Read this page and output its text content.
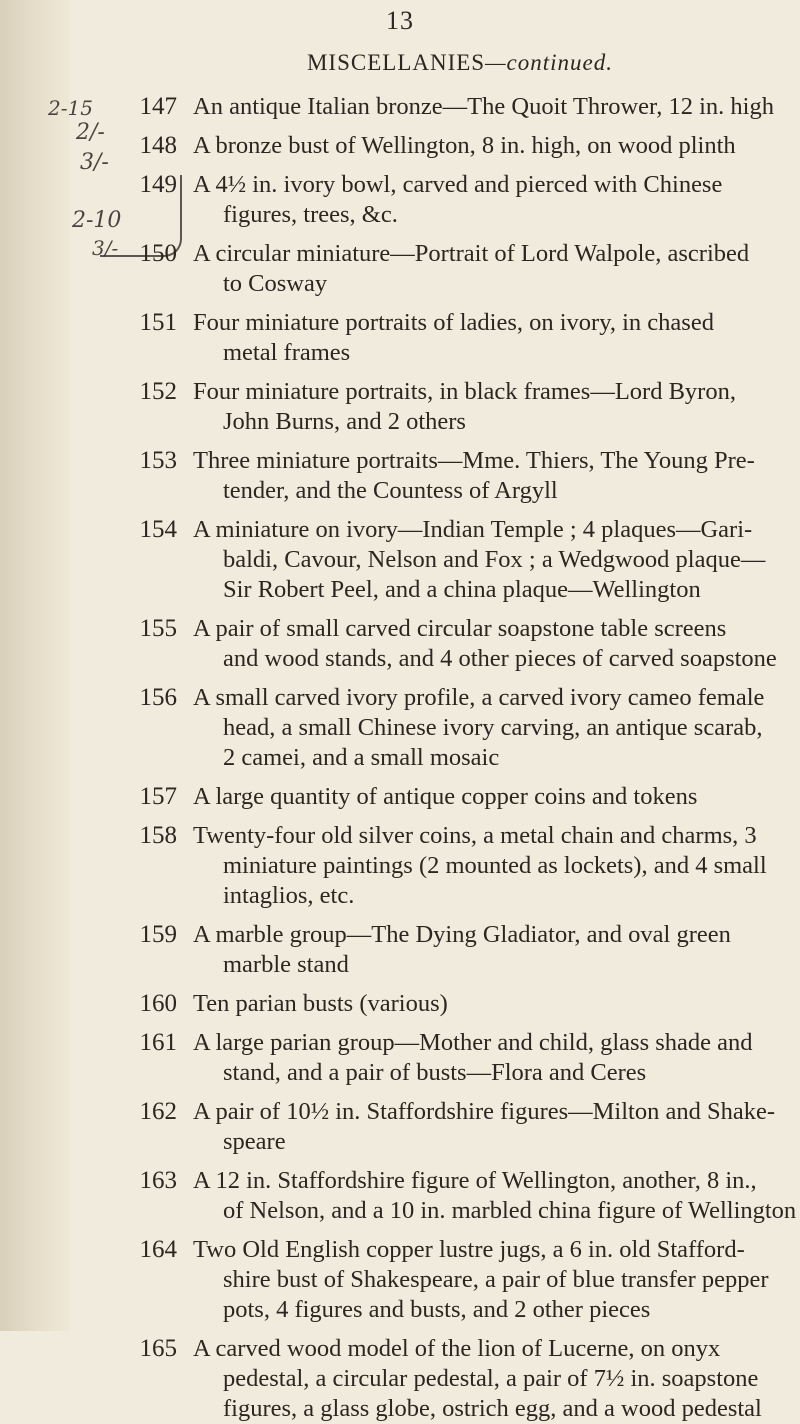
13
MISCELLANIES—continued.
2-15
2/-
3/-
2-10
3/-
147 An antique Italian bronze—The Quoit Thrower, 12 in. high
148 A bronze bust of Wellington, 8 in. high, on wood plinth
149 A 4½ in. ivory bowl, carved and pierced with Chinese
figures, trees, &c.
150 A circular miniature—Portrait of Lord Walpole, ascribed
to Cosway
151 Four miniature portraits of ladies, on ivory, in chased
metal frames
152 Four miniature portraits, in black frames—Lord Byron,
John Burns, and 2 others
153 Three miniature portraits—Mme. Thiers, The Young Pre-
tender, and the Countess of Argyll
154 A miniature on ivory—Indian Temple ; 4 plaques—Gari-
baldi, Cavour, Nelson and Fox ; a Wedgwood plaque—
Sir Robert Peel, and a china plaque—Wellington
155 A pair of small carved circular soapstone table screens
and wood stands, and 4 other pieces of carved soapstone
156 A small carved ivory profile, a carved ivory cameo female
head, a small Chinese ivory carving, an antique scarab,
2 camei, and a small mosaic
157 A large quantity of antique copper coins and tokens
158 Twenty-four old silver coins, a metal chain and charms, 3
miniature paintings (2 mounted as lockets), and 4 small
intaglios, etc.
159 A marble group—The Dying Gladiator, and oval green
marble stand
160 Ten parian busts (various)
161 A large parian group—Mother and child, glass shade and
stand, and a pair of busts—Flora and Ceres
162 A pair of 10½ in. Staffordshire figures—Milton and Shake-
speare
163 A 12 in. Staffordshire figure of Wellington, another, 8 in.,
of Nelson, and a 10 in. marbled china figure of Wellington
164 Two Old English copper lustre jugs, a 6 in. old Stafford-
shire bust of Shakespeare, a pair of blue transfer pepper
pots, 4 figures and busts, and 2 other pieces
165 A carved wood model of the lion of Lucerne, on onyx
pedestal, a circular pedestal, a pair of 7½ in. soapstone
figures, a glass globe, ostrich egg, and a wood pedestal
